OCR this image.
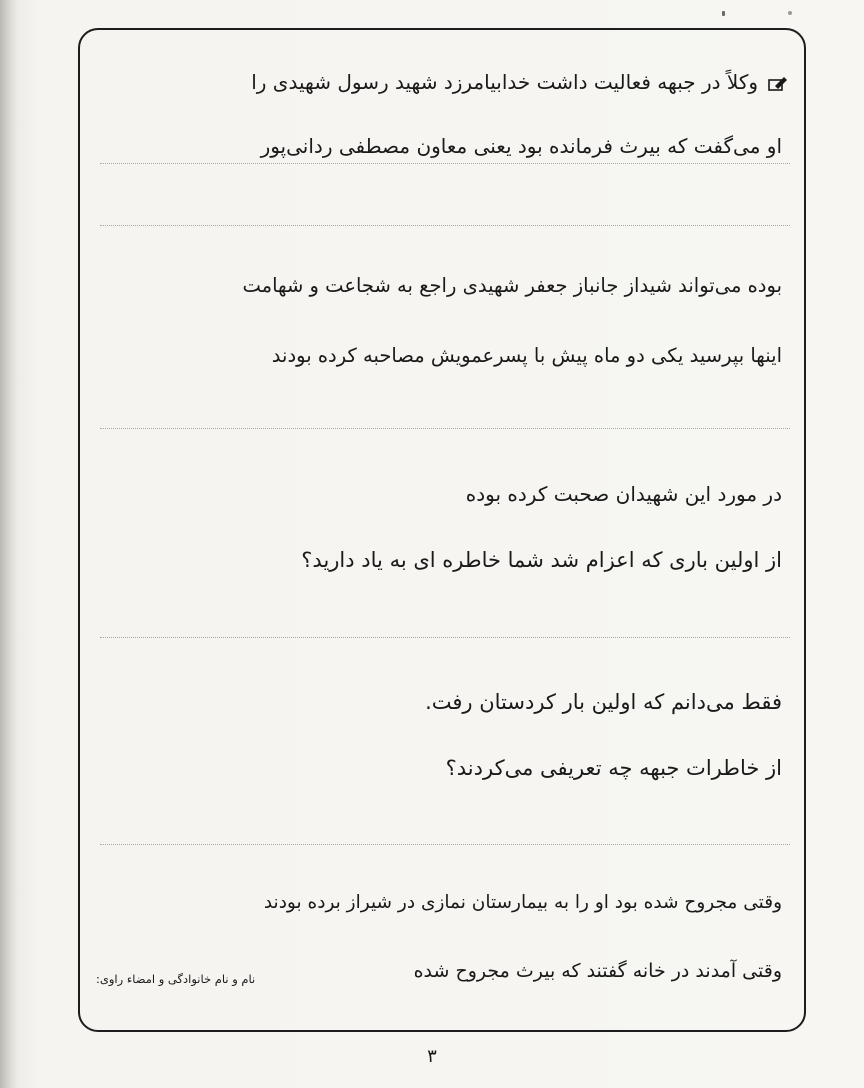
وکلاً در جبهه فعالیت داشت خدابیامرزد شهید رسول شهیدی را
او می‌گفت که بیرث فرمانده بود یعنی معاون مصطفی ردانی‌پور
بوده می‌تواند شیداز جانباز جعفر شهیدی راجع به شجاعت و شهامت
اینها بپرسید یکی دو ماه پیش با پسرعمویش مصاحبه کرده بودند
در مورد این شهیدان صحبت کرده بوده
از اولین باری که اعزام شد شما خاطره ای به یاد دارید؟
فقط می‌دانم که اولین بار کردستان رفت.
از خاطرات جبهه چه تعریفی می‌کردند؟
وقتی مجروح شده بود او را به بیمارستان نمازی در شیراز برده بودند
وقتی آمدند در خانه گفتند که بیرث مجروح شده
نام و نام خانوادگی و امضاء راوی:
۳
